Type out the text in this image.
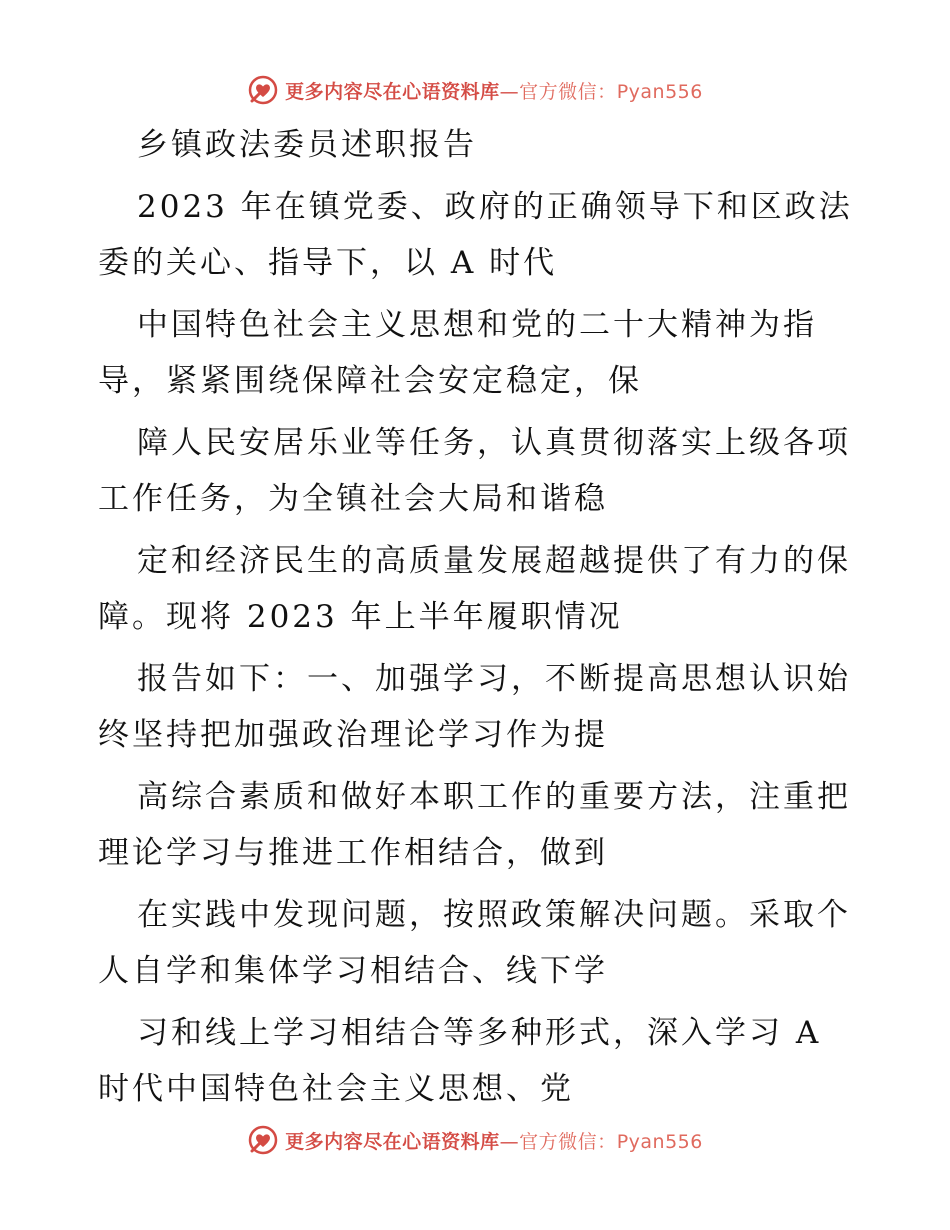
更多内容尽在心语资料库—官方微信：Pyan556
乡镇政法委员述职报告
2023 年在镇党委、政府的正确领导下和区政法
委的关心、指导下，以 A 时代
中国特色社会主义思想和党的二十大精神为指
导，紧紧围绕保障社会安定稳定，保
障人民安居乐业等任务，认真贯彻落实上级各项
工作任务，为全镇社会大局和谐稳
定和经济民生的高质量发展超越提供了有力的保
障。现将 2023 年上半年履职情况
报告如下：一、加强学习，不断提高思想认识始
终坚持把加强政治理论学习作为提
高综合素质和做好本职工作的重要方法，注重把
理论学习与推进工作相结合，做到
在实践中发现问题，按照政策解决问题。采取个
人自学和集体学习相结合、线下学
习和线上学习相结合等多种形式，深入学习 A
时代中国特色社会主义思想、党
更多内容尽在心语资料库—官方微信：Pyan556
